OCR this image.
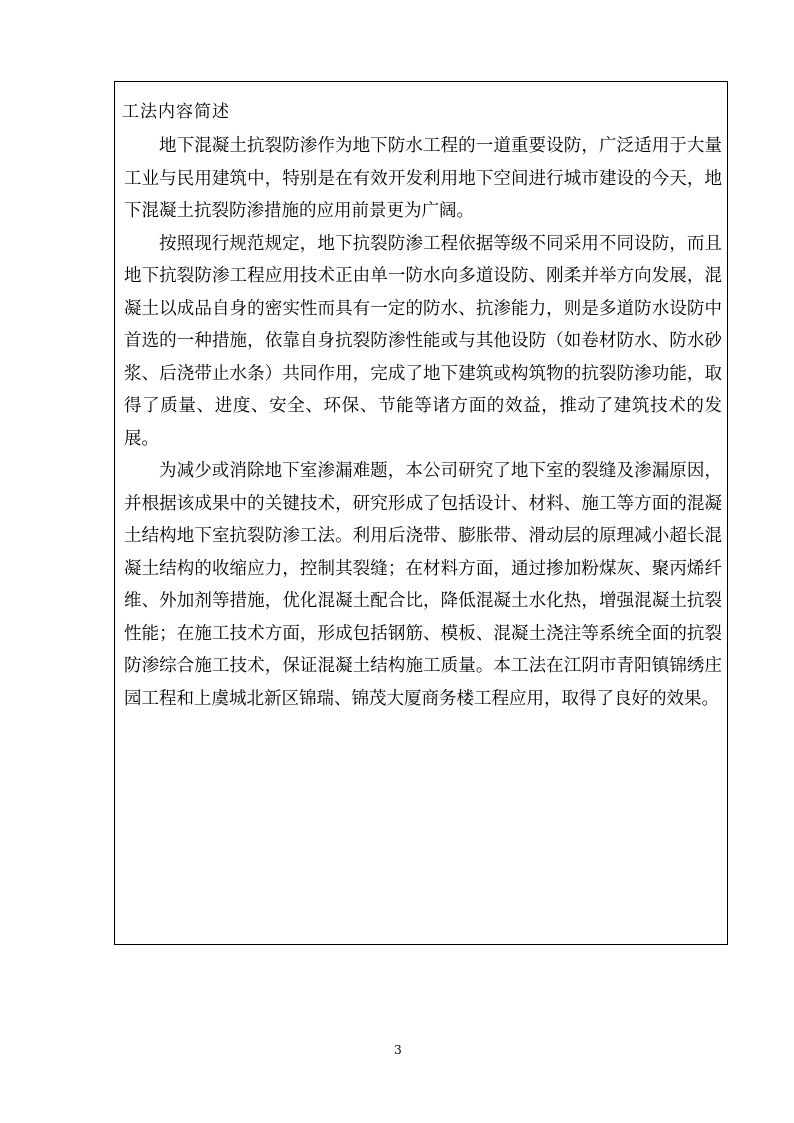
工法内容简述

地下混凝土抗裂防渗作为地下防水工程的一道重要设防，广泛适用于大量工业与民用建筑中，特别是在有效开发利用地下空间进行城市建设的今天，地下混凝土抗裂防渗措施的应用前景更为广阔。

按照现行规范规定，地下抗裂防渗工程依据等级不同采用不同设防，而且地下抗裂防渗工程应用技术正由单一防水向多道设防、刚柔并举方向发展，混凝土以成品自身的密实性而具有一定的防水、抗渗能力，则是多道防水设防中首选的一种措施，依靠自身抗裂防渗性能或与其他设防（如卷材防水、防水砂浆、后浇带止水条）共同作用，完成了地下建筑或构筑物的抗裂防渗功能，取得了质量、进度、安全、环保、节能等诸方面的效益，推动了建筑技术的发展。

为减少或消除地下室渗漏难题，本公司研究了地下室的裂缝及渗漏原因，并根据该成果中的关键技术，研究形成了包括设计、材料、施工等方面的混凝土结构地下室抗裂防渗工法。利用后浇带、膨胀带、滑动层的原理减小超长混凝土结构的收缩应力，控制其裂缝；在材料方面，通过掺加粉煤灰、聚丙烯纤维、外加剂等措施，优化混凝土配合比，降低混凝土水化热，增强混凝土抗裂性能；在施工技术方面，形成包括钢筋、模板、混凝土浇注等系统全面的抗裂防渗综合施工技术，保证混凝土结构施工质量。本工法在江阴市青阳镇锦绣庄园工程和上虞城北新区锦瑞、锦茂大厦商务楼工程应用，取得了良好的效果。

3
